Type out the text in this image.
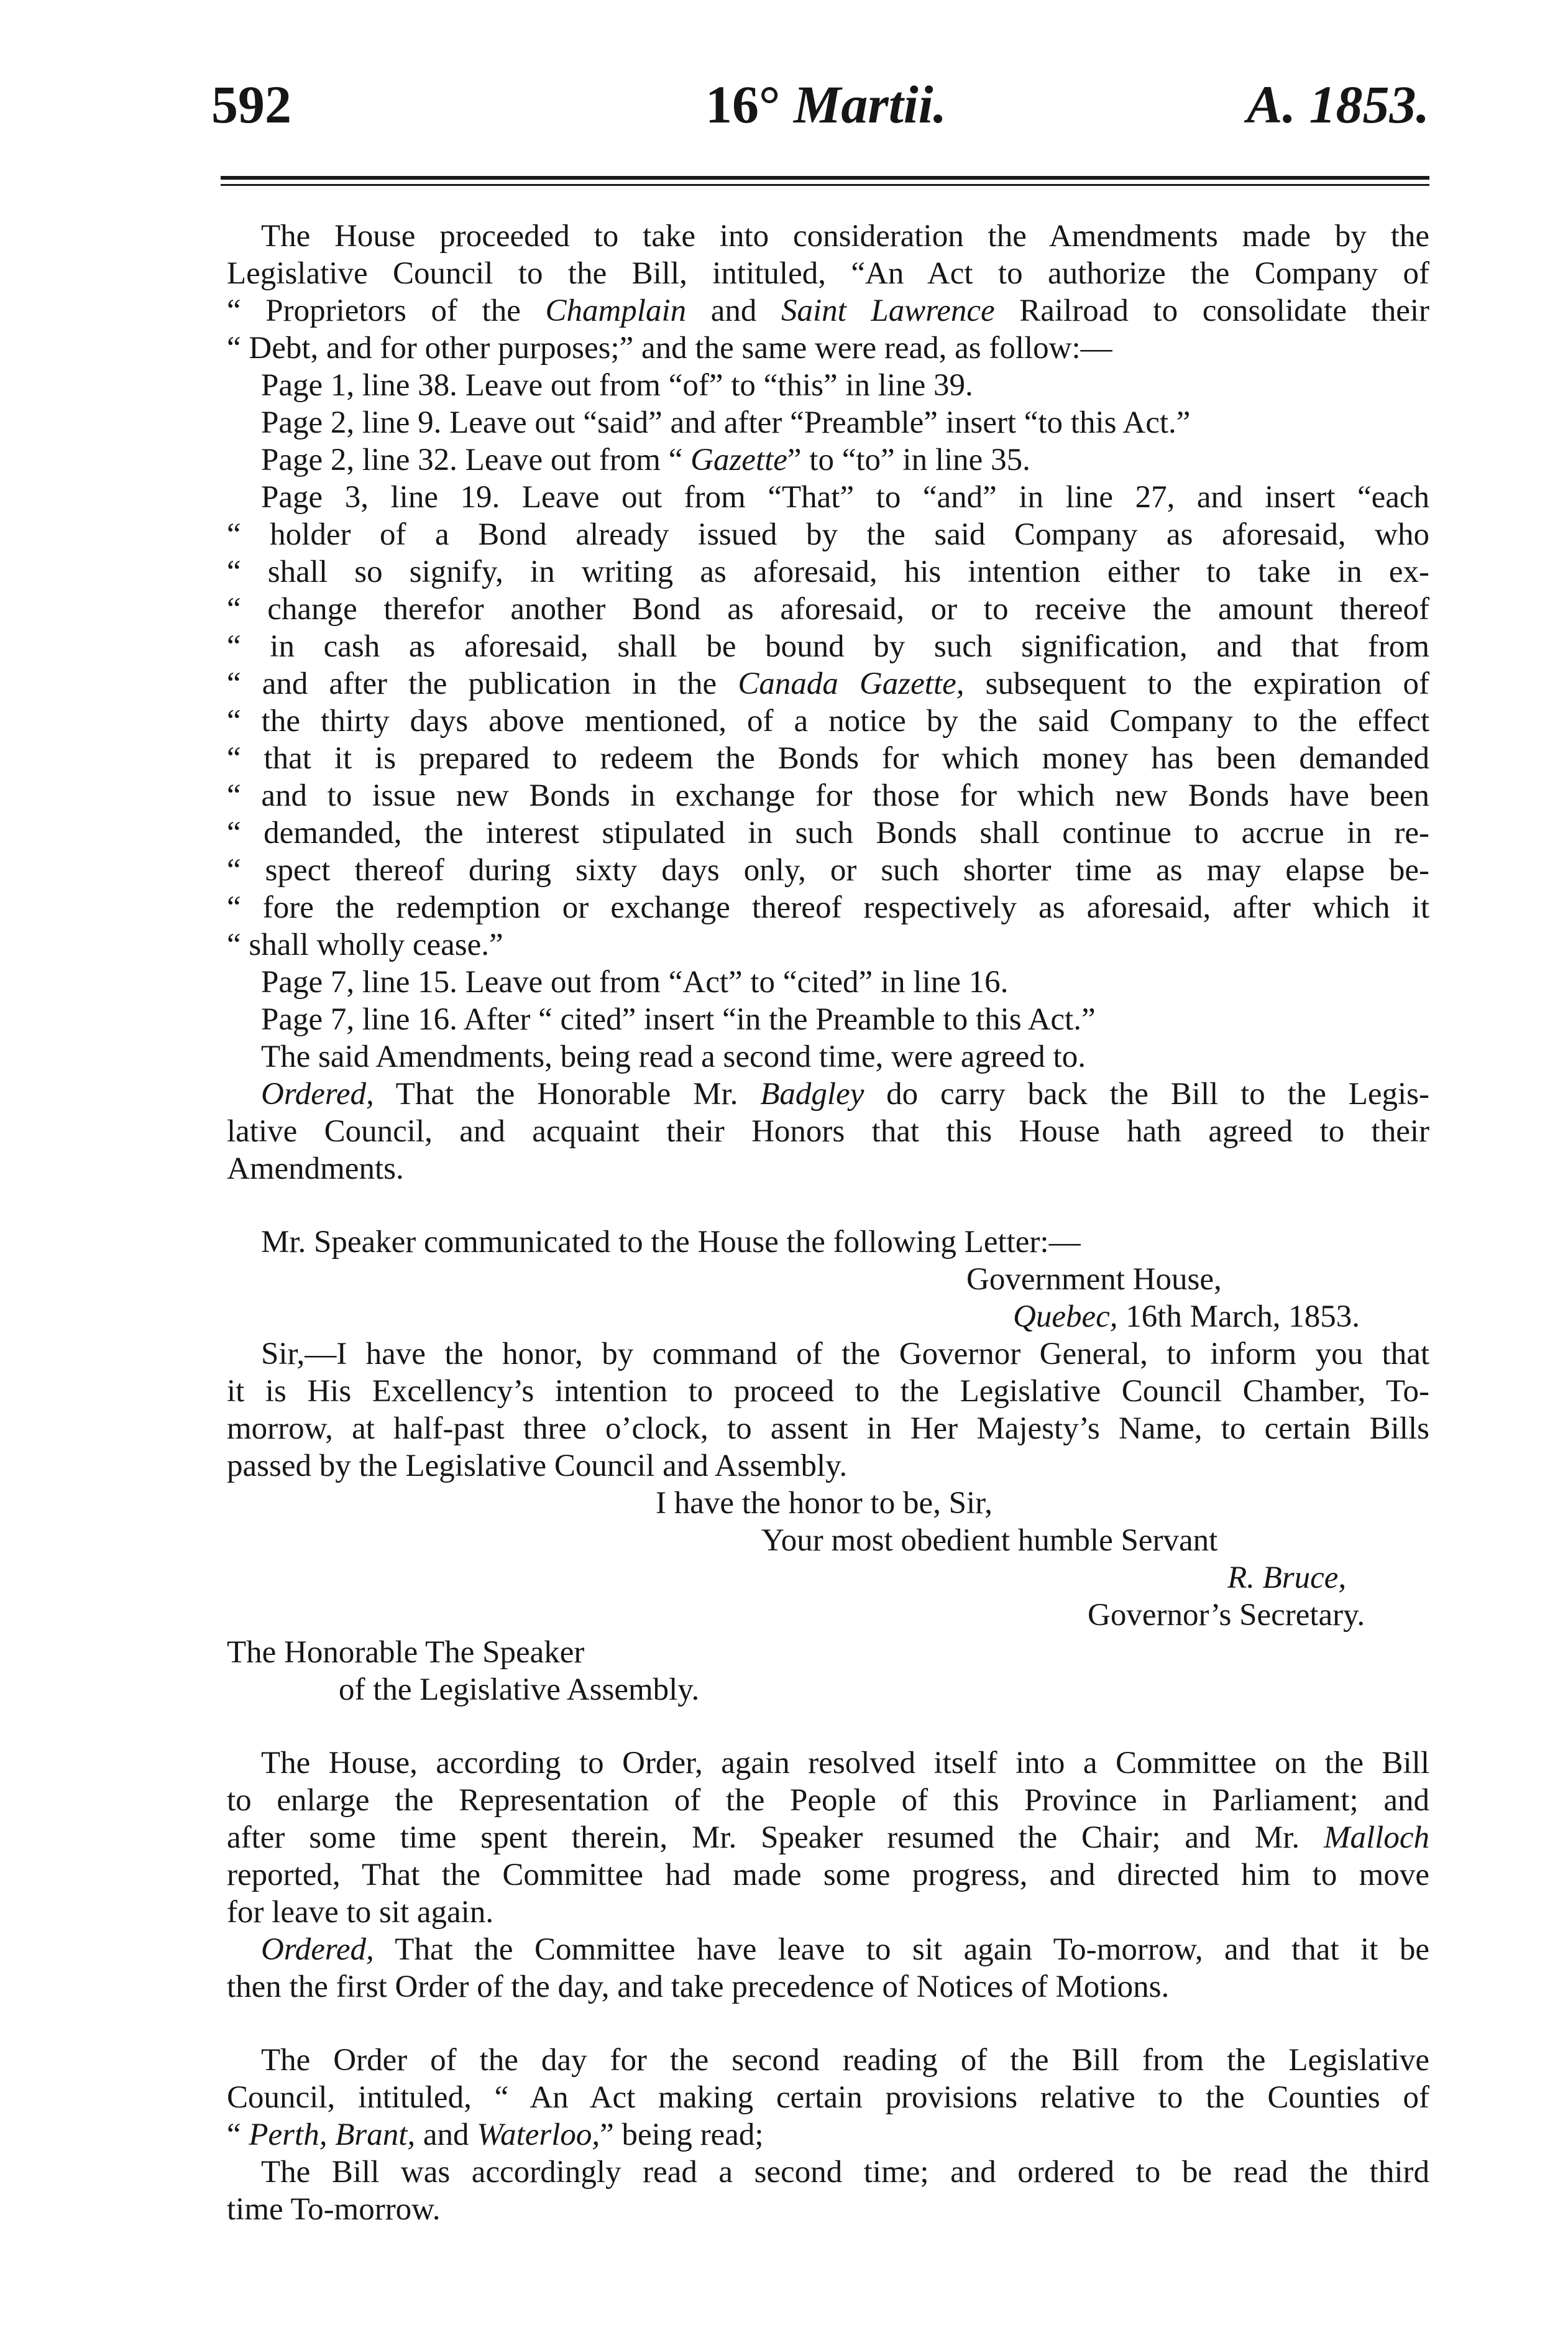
592	16° Martii.	A. 1853.
The House proceeded to take into consideration the Amendments made by the
Legislative Council to the Bill, intituled, “An Act to authorize the Company of
“ Proprietors of the Champlain and Saint Lawrence Railroad to consolidate their
“ Debt, and for other purposes;” and the same were read, as follow:—
Page 1, line 38. Leave out from “of” to “this” in line 39.
Page 2, line 9. Leave out “said” and after “Preamble” insert “to this Act.”
Page 2, line 32. Leave out from “ Gazette” to “to” in line 35.
Page 3, line 19. Leave out from “That” to “and” in line 27, and insert “each
“ holder of a Bond already issued by the said Company as aforesaid, who
“ shall so signify, in writing as aforesaid, his intention either to take in ex-
“ change therefor another Bond as aforesaid, or to receive the amount thereof
“ in cash as aforesaid, shall be bound by such signification, and that from
“ and after the publication in the Canada Gazette, subsequent to the expiration of
“ the thirty days above mentioned, of a notice by the said Company to the effect
“ that it is prepared to redeem the Bonds for which money has been demanded
“ and to issue new Bonds in exchange for those for which new Bonds have been
“ demanded, the interest stipulated in such Bonds shall continue to accrue in re-
“ spect thereof during sixty days only, or such shorter time as may elapse be-
“ fore the redemption or exchange thereof respectively as aforesaid, after which it
“ shall wholly cease.”
Page 7, line 15. Leave out from “Act” to “cited” in line 16.
Page 7, line 16. After “ cited” insert “in the Preamble to this Act.”
The said Amendments, being read a second time, were agreed to.
Ordered, That the Honorable Mr. Badgley do carry back the Bill to the Legis-
lative Council, and acquaint their Honors that this House hath agreed to their
Amendments.
Mr. Speaker communicated to the House the following Letter:—
Government House,
Quebec, 16th March, 1853.
Sir,—I have the honor, by command of the Governor General, to inform you that
it is His Excellency’s intention to proceed to the Legislative Council Chamber, To-
morrow, at half-past three o’clock, to assent in Her Majesty’s Name, to certain Bills
passed by the Legislative Council and Assembly.
I have the honor to be, Sir,
Your most obedient humble Servant
R. Bruce,
Governor’s Secretary.
The Honorable The Speaker
of the Legislative Assembly.
The House, according to Order, again resolved itself into a Committee on the Bill
to enlarge the Representation of the People of this Province in Parliament; and
after some time spent therein, Mr. Speaker resumed the Chair; and Mr. Malloch
reported, That the Committee had made some progress, and directed him to move
for leave to sit again.
Ordered, That the Committee have leave to sit again To-morrow, and that it be
then the first Order of the day, and take precedence of Notices of Motions.
The Order of the day for the second reading of the Bill from the Legislative
Council, intituled, “ An Act making certain provisions relative to the Counties of
“ Perth, Brant, and Waterloo,” being read;
The Bill was accordingly read a second time; and ordered to be read the third
time To-morrow.
